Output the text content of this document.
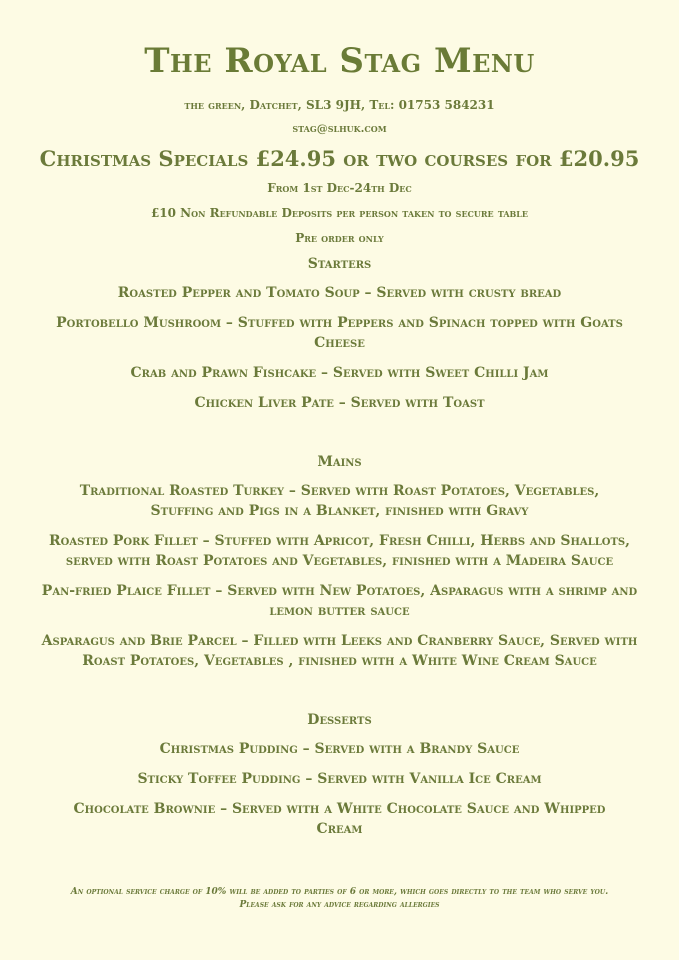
The Royal Stag Menu
the green, Datchet, SL3 9JH, Tel: 01753 584231
stag@slhuk.com
Christmas Specials £24.95 or two courses for £20.95
From 1st Dec-24th Dec
£10 Non Refundable Deposits per person taken to secure table
Pre order only
Starters
Roasted Pepper and Tomato Soup – Served with crusty bread
Portobello Mushroom – Stuffed with Peppers and Spinach topped with Goats Cheese
Crab and Prawn Fishcake – Served with Sweet Chilli Jam
Chicken Liver Pate – Served with Toast
Mains
Traditional Roasted Turkey – Served with Roast Potatoes, Vegetables, Stuffing and Pigs in a Blanket, finished with Gravy
Roasted Pork Fillet – Stuffed with Apricot, Fresh Chilli, Herbs and Shallots, served with Roast Potatoes and Vegetables, finished with a Madeira Sauce
Pan-fried Plaice Fillet – Served with New Potatoes, Asparagus with a shrimp and lemon butter sauce
Asparagus and Brie Parcel – Filled with Leeks and Cranberry Sauce, Served with Roast Potatoes, Vegetables , finished with a White Wine Cream Sauce
Desserts
Christmas Pudding – Served with a Brandy Sauce
Sticky Toffee Pudding – Served with Vanilla Ice Cream
Chocolate Brownie – Served with a White Chocolate Sauce and Whipped Cream
An optional service charge of 10% will be added to parties of 6 or more, which goes directly to the team who serve you.
Please ask for any advice regarding allergies
